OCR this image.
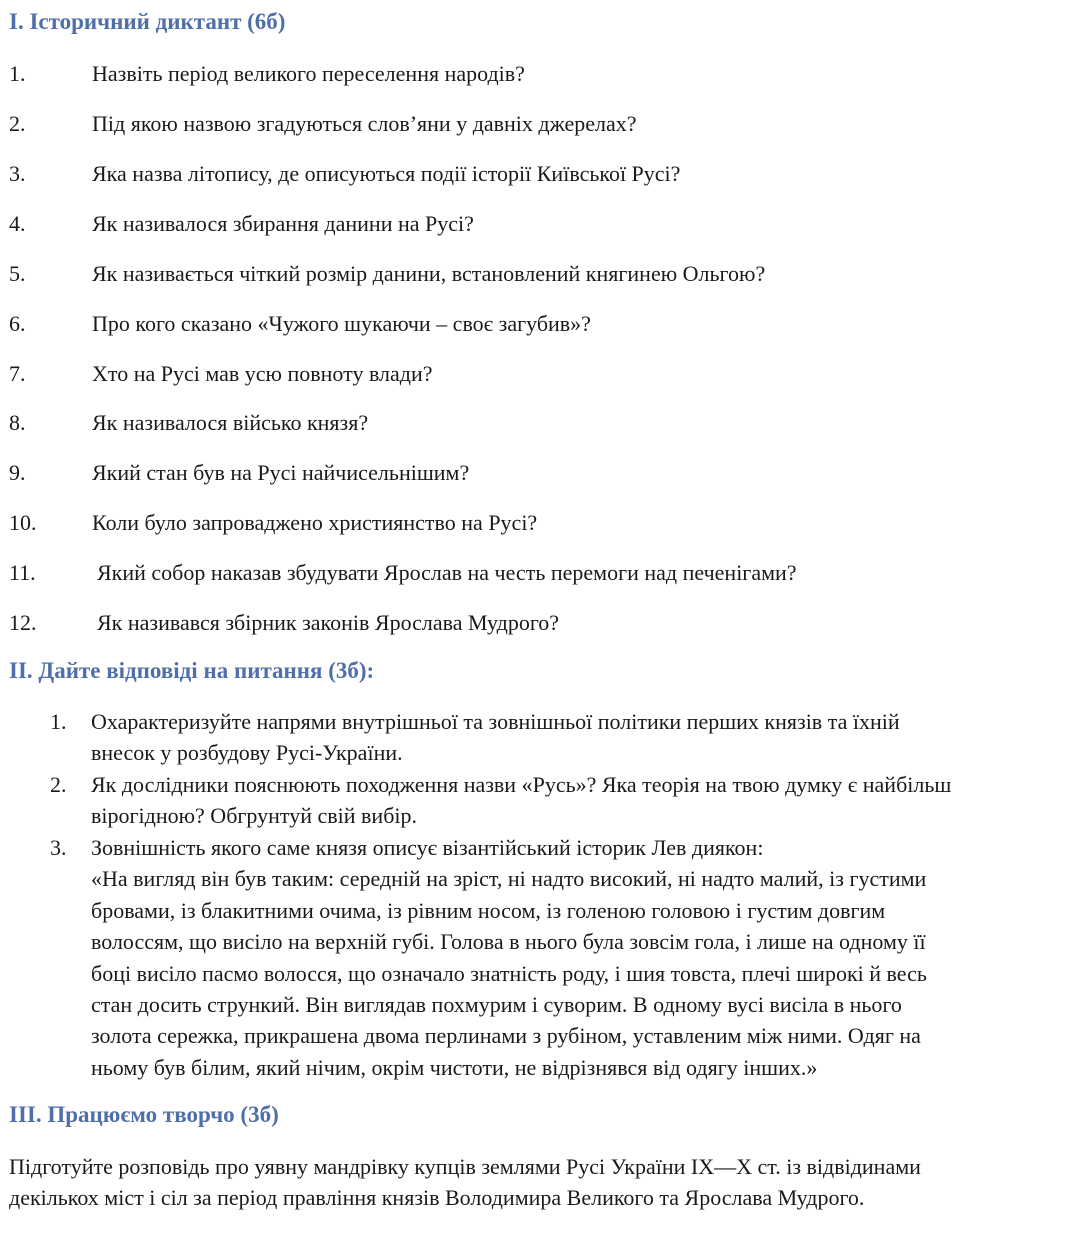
I. Історичний диктант (6б)
1.	Назвіть період великого переселення народів?
2.	Під якою назвою згадуються слов’яни у давніх джерелах?
3.	Яка назва літопису, де описуються події історії Київської Русі?
4.	Як називалося збирання данини на Русі?
5.	Як називається чіткий розмір данини, встановлений княгинею Ольгою?
6.	Про кого сказано «Чужого шукаючи – своє загубив»?
7.	Хто на Русі мав усю повноту влади?
8.	Як називалося військо князя?
9.	Який стан був на Русі найчисельнішим?
10.	Коли було запроваджено християнство на Русі?
11.	Який собор наказав збудувати Ярослав на честь перемоги над печенігами?
12.	Як називався збірник законів Ярослава Мудрого?
II. Дайте відповіді на питання (3б):
1. Охарактеризуйте напрями внутрішньої та зовнішньої політики перших князів та їхній
внесок у розбудову Русі-України.
2. Як дослідники пояснюють походження назви «Русь»? Яка теорія на твою думку є найбільш
вірогідною? Обгрунтуй свій вибір.
3. Зовнішність якого саме князя описує візантійський історик Лев диякон:
«На вигляд він був таким: середній на зріст, ні надто високий, ні надто малий, із густими
бровами, із блакитними очима, із рівним носом, із голеною головою і густим довгим
волоссям, що висіло на верхній губі. Голова в нього була зовсім гола, і лише на одному її
боці висіло пасмо волосся, що означало знатність роду, і шия товста, плечі широкі й весь
стан досить стрункий. Він виглядав похмурим і суворим. В одному вусі висіла в нього
золота сережка, прикрашена двома перлинами з рубіном, уставленим між ними. Одяг на
ньому був білим, який нічим, окрім чистоти, не відрізнявся від одягу інших.»
III. Працюємо творчо (3б)
Підготуйте розповідь про уявну мандрівку купців землями Русі України IX—X ст. із відвідинами
декількох міст і сіл за період правління князів Володимира Великого та Ярослава Мудрого.
